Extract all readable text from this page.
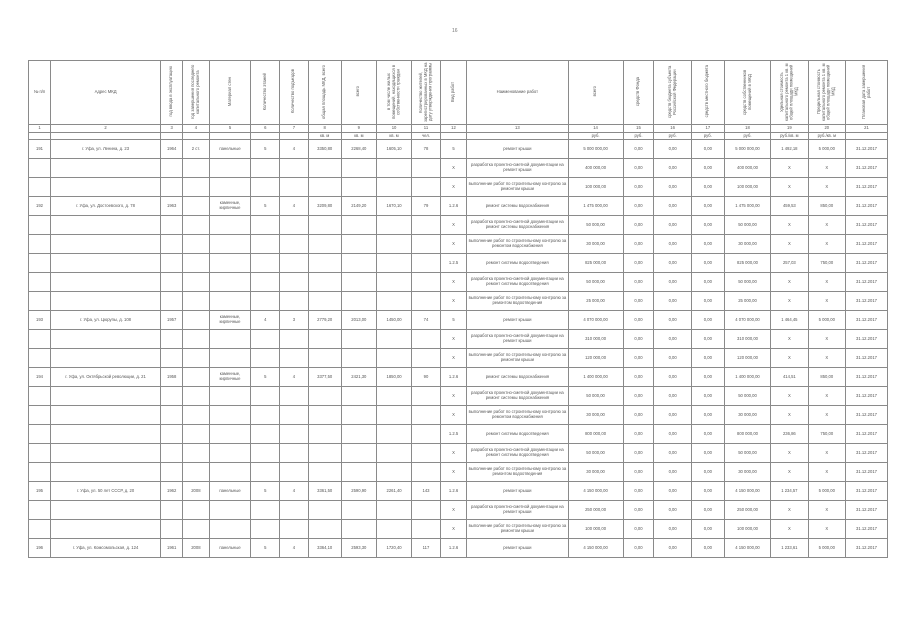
16
№ п/п	Адрес МКД	год ввода в эксплуатацию	год завершения последнего капитального ремонта	Материал стен	Количество этажей	Количество подъездов	общая площадь МКД, всего	всего	в том числе жилых помещений, находящихся в собственности граждан	Количество жителей, зарегистрированных в МКД на дату утверждения программы	Вид работ	Наименование работ	всего	средств Фонда	средств бюджета субъекта Российской Федерации	средств местного бюджета	средств собственников помещений в МКД	Удельная стоимость капитального ремонта 1 кв. м общей площади помещений МКД	Предельная стоимость капитального ремонта 1 кв. м общей площади помещений МКД	Плановая дата завершения работ
1	2	3	4	5	6	7	8	9	10	11	12	13	14	15	16	17	18	19	20	21
							кв. м	кв. м	кв. м	чел.			руб.	руб.	руб.	руб.	руб.	руб./кв. м	руб./кв. м	
191	г. Уфа, ул. Ленина, д. 23	1964	2 ст.	панельные	5	4	3350,80	2268,40	1605,10	78	5	ремонт крыши	5 000 000,00	0,00	0,00	0,00	5 000 000,00	1 492,18	5 000,00	31.12.2017
											X	разработка проектно-сметной документации на ремонт крыши	400 000,00	0,00	0,00	0,00	400 000,00	X	X	31.12.2017
											X	выполнение работ по строительному контролю за ремонтом крыши	100 000,00	0,00	0,00	0,00	100 000,00	X	X	31.12.2017
192	г. Уфа, ул. Достоевского, д. 78	1963		каменные, кирпичные	5	4	3209,80	2149,20	1670,10	79	1.2.6	ремонт системы водоснабжения	1 475 000,00	0,00	0,00	0,00	1 475 000,00	459,53	850,00	31.12.2017
											X	разработка проектно-сметной документации на ремонт системы водоснабжения	50 000,00	0,00	0,00	0,00	50 000,00	X	X	31.12.2017
											X	выполнение работ по строительному контролю за ремонтом водоснабжения	30 000,00	0,00	0,00	0,00	30 000,00	X	X	31.12.2017
											1.2.5	ремонт системы водоотведения	825 000,00	0,00	0,00	0,00	825 000,00	257,03	750,00	31.12.2017
											X	разработка проектно-сметной документации на ремонт системы водоотведения	50 000,00	0,00	0,00	0,00	50 000,00	X	X	31.12.2017
											X	выполнение работ по строительному контролю за ремонтом водоотведения	25 000,00	0,00	0,00	0,00	25 000,00	X	X	31.12.2017
193	г. Уфа, ул. Цюрупы, д. 108	1957		каменные, кирпичные	4	3	2779,20	2013,00	1450,00	74	5	ремонт крыши	4 070 000,00	0,00	0,00	0,00	4 070 000,00	1 464,45	5 000,00	31.12.2017
											X	разработка проектно-сметной документации на ремонт крыши	310 000,00	0,00	0,00	0,00	310 000,00	X	X	31.12.2017
											X	выполнение работ по строительному контролю за ремонтом крыши	120 000,00	0,00	0,00	0,00	120 000,00	X	X	31.12.2017
194	г. Уфа, ул. Октябрьской революции, д. 21	1958		каменные, кирпичные	5	4	3377,50	2421,30	1850,00	90	1.2.6	ремонт системы водоснабжения	1 400 000,00	0,00	0,00	0,00	1 400 000,00	414,51	850,00	31.12.2017
											X	разработка проектно-сметной документации на ремонт системы водоснабжения	50 000,00	0,00	0,00	0,00	50 000,00	X	X	31.12.2017
											X	выполнение работ по строительному контролю за ремонтом водоснабжения	30 000,00	0,00	0,00	0,00	30 000,00	X	X	31.12.2017
											1.2.5	ремонт системы водоотведения	800 000,00	0,00	0,00	0,00	800 000,00	236,86	750,00	31.12.2017
											X	разработка проектно-сметной документации на ремонт системы водоотведения	50 000,00	0,00	0,00	0,00	50 000,00	X	X	31.12.2017
											X	выполнение работ по строительному контролю за ремонтом водоотведения	30 000,00	0,00	0,00	0,00	30 000,00	X	X	31.12.2017
195	г. Уфа, ул. 50 лет СССР, д. 20	1962	2008	панельные	5	4	3361,50	2590,90	2261,40	143	1.2.6	ремонт крыши	4 150 000,00	0,00	0,00	0,00	4 150 000,00	1 234,57	5 000,00	31.12.2017
											X	разработка проектно-сметной документации на ремонт крыши	250 000,00	0,00	0,00	0,00	250 000,00	X	X	31.12.2017
											X	выполнение работ по строительному контролю за ремонтом крыши	100 000,00	0,00	0,00	0,00	100 000,00	X	X	31.12.2017
196	г. Уфа, ул. Комсомольская, д. 124	1961	2008	панельные	5	4	3364,10	2593,30	1720,40	117	1.2.6	ремонт крыши	4 150 000,00	0,00	0,00	0,00	4 150 000,00	1 233,61	5 000,00	31.12.2017
